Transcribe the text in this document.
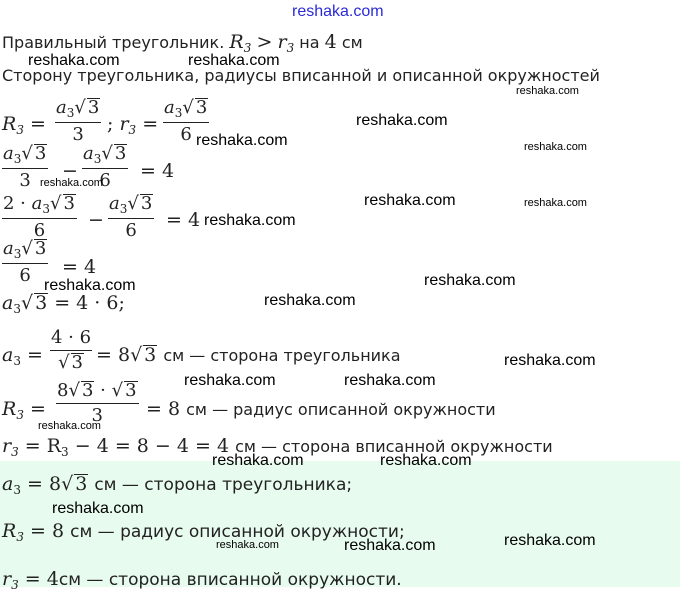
reshaka.com
Правильный треугольник. $R_3 > r_3$ на 4 см
reshaka.com	reshaka.com
Сторону треугольника, радиусы вписанной и описанной окружностей
reshaka.com
$R_3 = \frac{a_3√ 3}{3}$ ; $r_3 = \frac{a_3√ 3}{6}$
reshaka.com
reshaka.com
reshaka.com
$\frac{a_3√ 3}{3} - \frac{a_3√ 3}{6} = 4$
reshaka.com
$\frac{2 \cdot a_3√ 3}{6} - \frac{a_3√ 3}{6} = 4$ reshaka.com
reshaka.com	reshaka.com
$\frac{a_3√ 3}{6} = 4$
reshaka.com	reshaka.com
$a_3√$ 3 = 4 · 6;	reshaka.com
$a_3 = \frac{4 \cdot 6}{√ 3} = 8√$ 3 см — сторона треугольника	reshaka.com
reshaka.com	reshaka.com
$R_3 = \frac{8√ 3 \cdot √ 3}{3} = 8$ см — радиус описанной окружности
reshaka.com
$r_3 = R_3 - 4 = 8 - 4 = 4$ см — сторона вписанной окружности
reshaka.com	reshaka.com
$a_3 = 8√$ 3 см — сторона треугольника;
reshaka.com
$R_3 = 8$ см — радиус описанной окружности;
reshaka.com	reshaka.com	reshaka.com
$r_3 = 4см$ — сторона вписанной окружности.
